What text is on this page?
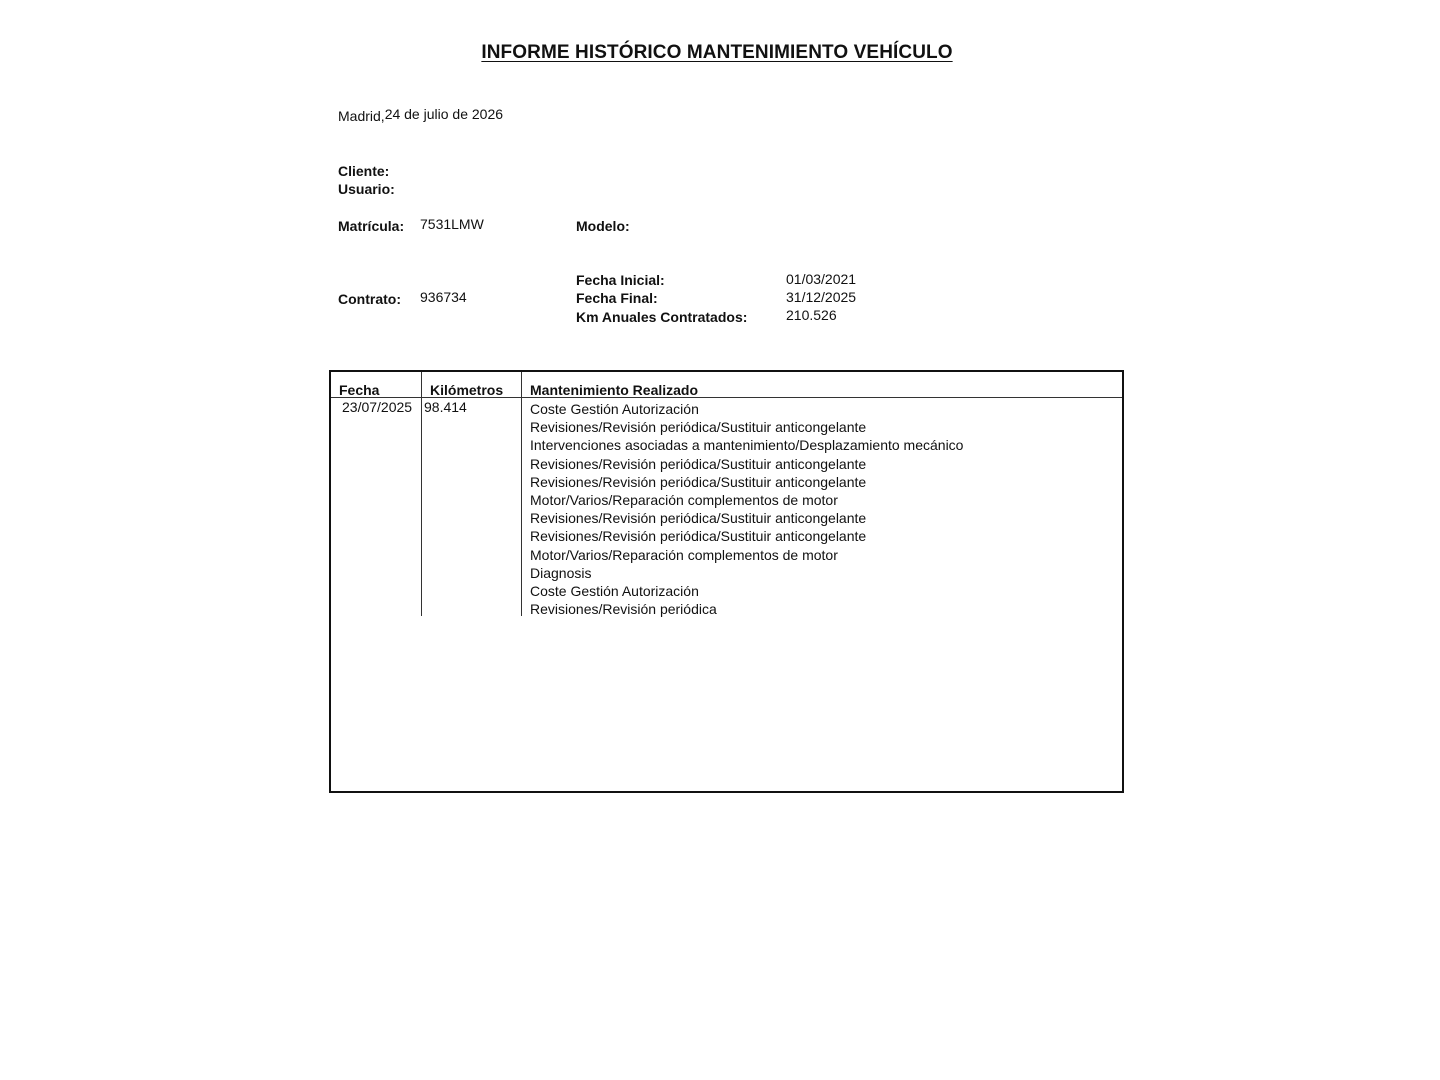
INFORME HISTÓRICO MANTENIMIENTO VEHÍCULO
Madrid,24 de julio de 2026
Cliente:
Usuario:
Matrícula: 7531LMW	Modelo:
Contrato: 936734
Fecha Inicial:	01/03/2021
Fecha Final:	31/12/2025
Km Anuales Contratados:	210.526
Fecha	Kilómetros Mantenimiento Realizado
23/07/2025 98.414	Coste Gestión Autorización
Revisiones/Revisión periódica/Sustituir anticongelante
Intervenciones asociadas a mantenimiento/Desplazamiento mecánico
Revisiones/Revisión periódica/Sustituir anticongelante
Revisiones/Revisión periódica/Sustituir anticongelante
Motor/Varios/Reparación complementos de motor
Revisiones/Revisión periódica/Sustituir anticongelante
Revisiones/Revisión periódica/Sustituir anticongelante
Motor/Varios/Reparación complementos de motor
Diagnosis
Coste Gestión Autorización
Revisiones/Revisión periódica
